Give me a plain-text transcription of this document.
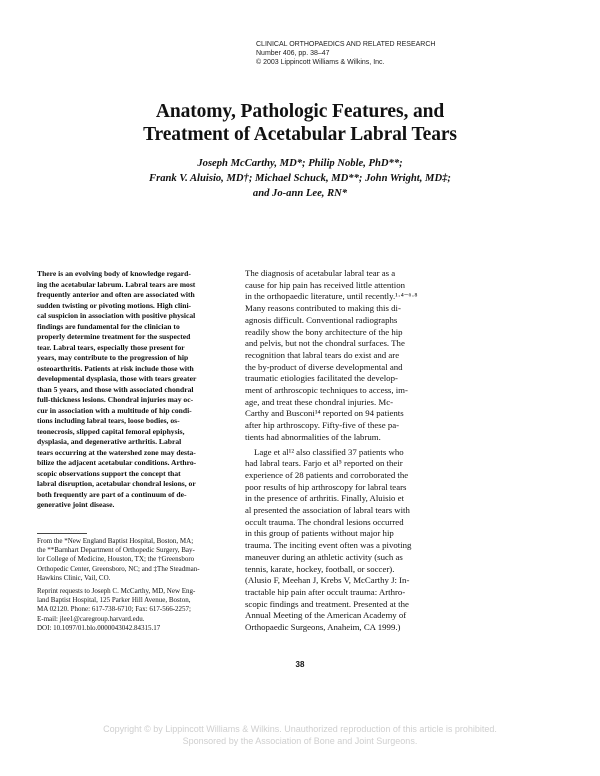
CLINICAL ORTHOPAEDICS AND RELATED RESEARCH
Number 406, pp. 38–47
© 2003 Lippincott Williams & Wilkins, Inc.
Anatomy, Pathologic Features, and
Treatment of Acetabular Labral Tears
Joseph McCarthy, MD*; Philip Noble, PhD**;
Frank V. Aluisio, MD†; Michael Schuck, MD**; John Wright, MD‡;
and Jo-ann Lee, RN*
There is an evolving body of knowledge regard-
ing the acetabular labrum. Labral tears are most
frequently anterior and often are associated with
sudden twisting or pivoting motions. High clini-
cal suspicion in association with positive physical
findings are fundamental for the clinician to
properly determine treatment for the suspected
tear. Labral tears, especially those present for
years, may contribute to the progression of hip
osteoarthritis. Patients at risk include those with
developmental dysplasia, those with tears greater
than 5 years, and those with associated chondral
full-thickness lesions. Chondral injuries may oc-
cur in association with a multitude of hip condi-
tions including labral tears, loose bodies, os-
teonecrosis, slipped capital femoral epiphysis,
dysplasia, and degenerative arthritis. Labral
tears occurring at the watershed zone may desta-
bilize the adjacent acetabular conditions. Arthro-
scopic observations support the concept that
labral disruption, acetabular chondral lesions, or
both frequently are part of a continuum of de-
generative joint disease.
From the *New England Baptist Hospital, Boston, MA;
the **Barnhart Department of Orthopedic Surgery, Bay-
lor College of Medicine, Houston, TX; the †Greensboro
Orthopedic Center, Greensboro, NC; and ‡The Steadman-
Hawkins Clinic, Vail, CO.
Reprint requests to Joseph C. McCarthy, MD, New Eng-
land Baptist Hospital, 125 Parker Hill Avenue, Boston,
MA 02120. Phone: 617-738-6710; Fax: 617-566-2257;
E-mail: jlee1@caregroup.harvard.edu.
DOI: 10.1097/01.blo.0000043042.84315.17
The diagnosis of acetabular labral tear as a
cause for hip pain has received little attention
in the orthopaedic literature, until recently.¹·⁴⁻⁶·⁸
Many reasons contributed to making this di-
agnosis difficult. Conventional radiographs
readily show the bony architecture of the hip
and pelvis, but not the chondral surfaces. The
recognition that labral tears do exist and are
the by-product of diverse developmental and
traumatic etiologies facilitated the develop-
ment of arthroscopic techniques to access, im-
age, and treat these chondral injuries. Mc-
Carthy and Busconi¹⁴ reported on 94 patients
after hip arthroscopy. Fifty-five of these pa-
tients had abnormalities of the labrum.
Lage et al¹² also classified 37 patients who
had labral tears. Farjo et al⁵ reported on their
experience of 28 patients and corroborated the
poor results of hip arthroscopy for labral tears
in the presence of arthritis. Finally, Aluisio et
al presented the association of labral tears with
occult trauma. The chondral lesions occurred
in this group of patients without major hip
trauma. The inciting event often was a pivoting
maneuver during an athletic activity (such as
tennis, karate, hockey, football, or soccer).
(Alusio F, Meehan J, Krebs V, McCarthy J: In-
tractable hip pain after occult trauma: Arthro-
scopic findings and treatment. Presented at the
Annual Meeting of the American Academy of
Orthopaedic Surgeons, Anaheim, CA 1999.)
38
Copyright © by Lippincott Williams & Wilkins. Unauthorized reproduction of this article is prohibited.
Sponsored by the Association of Bone and Joint Surgeons.
